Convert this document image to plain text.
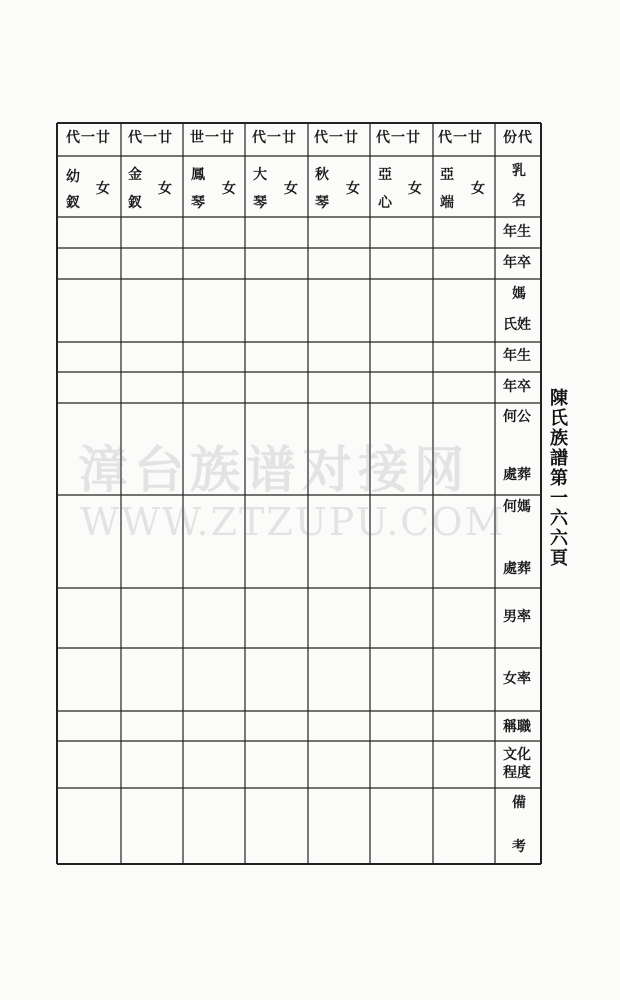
漳台族谱对接网
WWW.ZTZUPU.COM
代一廿 代一廿 世一廿 代一廿 代一廿 代一廿 代一廿 份代
幼
釵
女
金
釵
女
鳳
琴
女
大
琴
女
秋
琴
女
亞
心
女
亞
端
女
乳
名
年生
年卒
媽
氏姓
年生
年卒
何公
處葬
何媽
處葬
男率
女率
稱職
文化
程度
備
考
陳氏族譜第一六六頁
